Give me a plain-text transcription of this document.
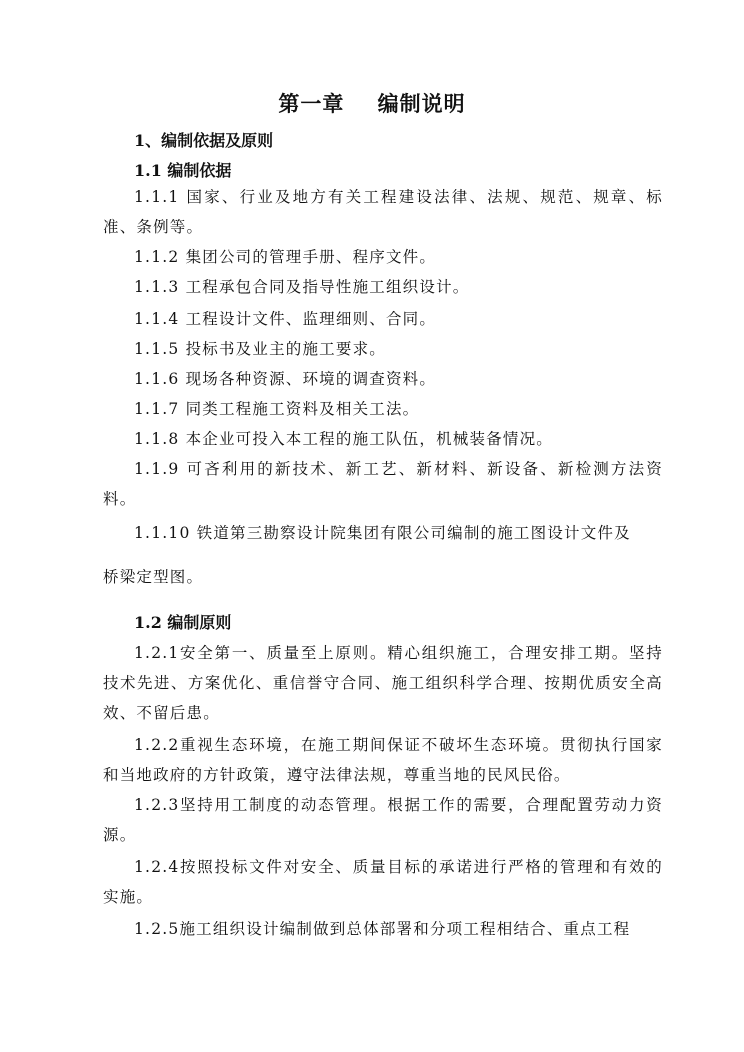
第一章    编制说明
1、编制依据及原则
1.1 编制依据
1.1.1 国家、行业及地方有关工程建设法律、法规、规范、规章、标准、条例等。
1.1.2 集团公司的管理手册、程序文件。
1.1.3 工程承包合同及指导性施工组织设计。
1.1.4 工程设计文件、监理细则、合同。
1.1.5 投标书及业主的施工要求。
1.1.6 现场各种资源、环境的调查资料。
1.1.7 同类工程施工资料及相关工法。
1.1.8 本企业可投入本工程的施工队伍，机械装备情况。
1.1.9 可吝利用的新技术、新工艺、新材料、新设备、新检测方法资料。
1.1.10 铁道第三勘察设计院集团有限公司编制的施工图设计文件及
桥梁定型图。
1.2 编制原则
1.2.1安全第一、质量至上原则。精心组织施工，合理安排工期。坚持技术先进、方案优化、重信誉守合同、施工组织科学合理、按期优质安全高效、不留后患。
1.2.2重视生态环境，在施工期间保证不破坏生态环境。贯彻执行国家和当地政府的方针政策，遵守法律法规，尊重当地的民风民俗。
1.2.3坚持用工制度的动态管理。根据工作的需要，合理配置劳动力资源。
1.2.4按照投标文件对安全、质量目标的承诺进行严格的管理和有效的实施。
1.2.5施工组织设计编制做到总体部署和分项工程相结合、重点工程
